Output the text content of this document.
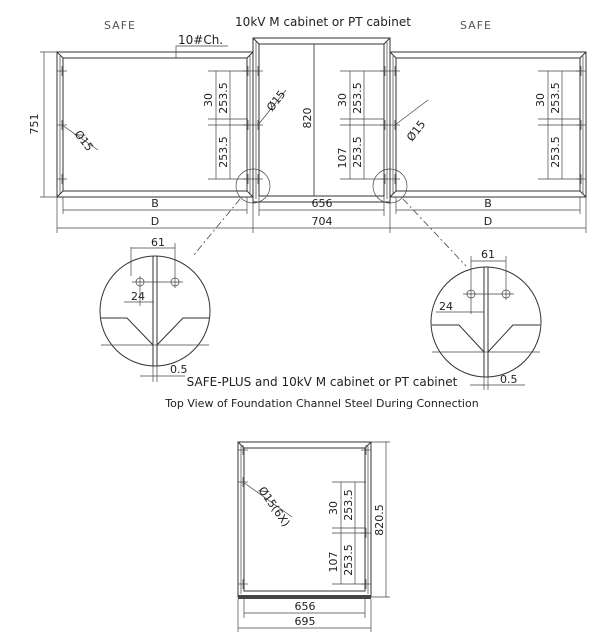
SAFE	10kV M cabinet or PT cabinet	SAFE
10#Ch.
751
Ø15
30 253.5
253.5
Ø15
820
30 253.5
107 253.5
Ø15
30 253.5
253.5
B	656	B
D	704	D
61
24
0.5
61
24
0.5
SAFE-PLUS and 10kV M cabinet or PT cabinet
Top View of Foundation Channel Steel During Connection
Ø15(6X)	30 253.5
107 253.5
820.5
656
695
